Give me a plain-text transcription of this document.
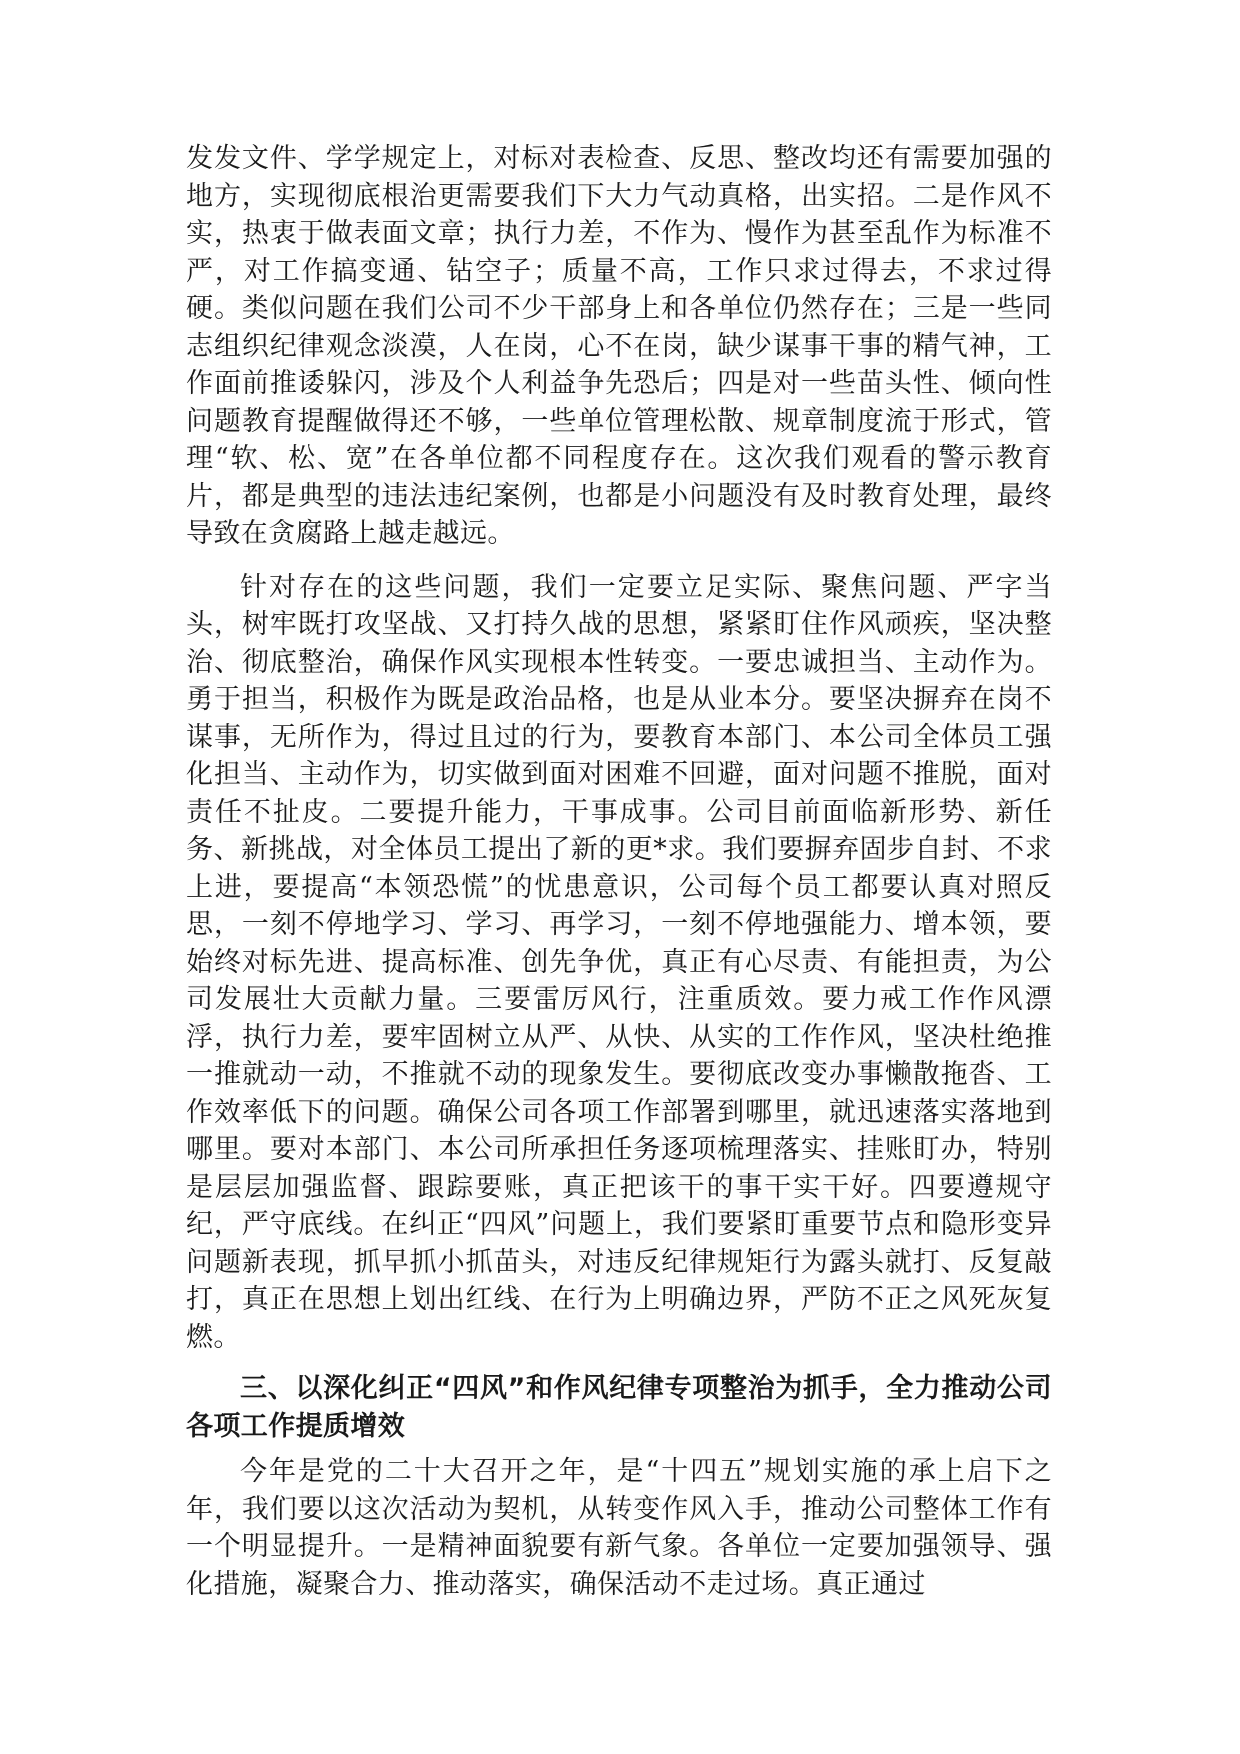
发发文件、学学规定上，对标对表检查、反思、整改均还有需要加强的地方，实现彻底根治更需要我们下大力气动真格，出实招。二是作风不实，热衷于做表面文章；执行力差，不作为、慢作为甚至乱作为标准不严，对工作搞变通、钻空子；质量不高，工作只求过得去，不求过得硬。类似问题在我们公司不少干部身上和各单位仍然存在；三是一些同志组织纪律观念淡漠，人在岗，心不在岗，缺少谋事干事的精气神，工作面前推诿躲闪，涉及个人利益争先恐后；四是对一些苗头性、倾向性问题教育提醒做得还不够，一些单位管理松散、规章制度流于形式，管理“软、松、宽”在各单位都不同程度存在。这次我们观看的警示教育片，都是典型的违法违纪案例，也都是小问题没有及时教育处理，最终导致在贪腐路上越走越远。

针对存在的这些问题，我们一定要立足实际、聚焦问题、严字当头，树牢既打攻坚战、又打持久战的思想，紧紧盯住作风顽疾，坚决整治、彻底整治，确保作风实现根本性转变。一要忠诚担当、主动作为。勇于担当，积极作为既是政治品格，也是从业本分。要坚决摒弃在岗不谋事，无所作为，得过且过的行为，要教育本部门、本公司全体员工强化担当、主动作为，切实做到面对困难不回避，面对问题不推脱，面对责任不扯皮。二要提升能力，干事成事。公司目前面临新形势、新任务、新挑战，对全体员工提出了新的更*求。我们要摒弃固步自封、不求上进，要提高“本领恐慌”的忧患意识，公司每个员工都要认真对照反思，一刻不停地学习、学习、再学习，一刻不停地强能力、增本领，要始终对标先进、提高标准、创先争优，真正有心尽责、有能担责，为公司发展壮大贡献力量。三要雷厉风行，注重质效。要力戒工作作风漂浮，执行力差，要牢固树立从严、从快、从实的工作作风，坚决杜绝推一推就动一动，不推就不动的现象发生。要彻底改变办事懒散拖沓、工作效率低下的问题。确保公司各项工作部署到哪里，就迅速落实落地到哪里。要对本部门、本公司所承担任务逐项梳理落实、挂账盯办，特别是层层加强监督、跟踪要账，真正把该干的事干实干好。四要遵规守纪，严守底线。在纠正“四风”问题上，我们要紧盯重要节点和隐形变异问题新表现，抓早抓小抓苗头，对违反纪律规矩行为露头就打、反复敲打，真正在思想上划出红线、在行为上明确边界，严防不正之风死灰复燃。

三、以深化纠正“四风”和作风纪律专项整治为抓手，全力推动公司各项工作提质增效

今年是党的二十大召开之年，是“十四五”规划实施的承上启下之年，我们要以这次活动为契机，从转变作风入手，推动公司整体工作有一个明显提升。一是精神面貌要有新气象。各单位一定要加强领导、强化措施，凝聚合力、推动落实，确保活动不走过场。真正通过
